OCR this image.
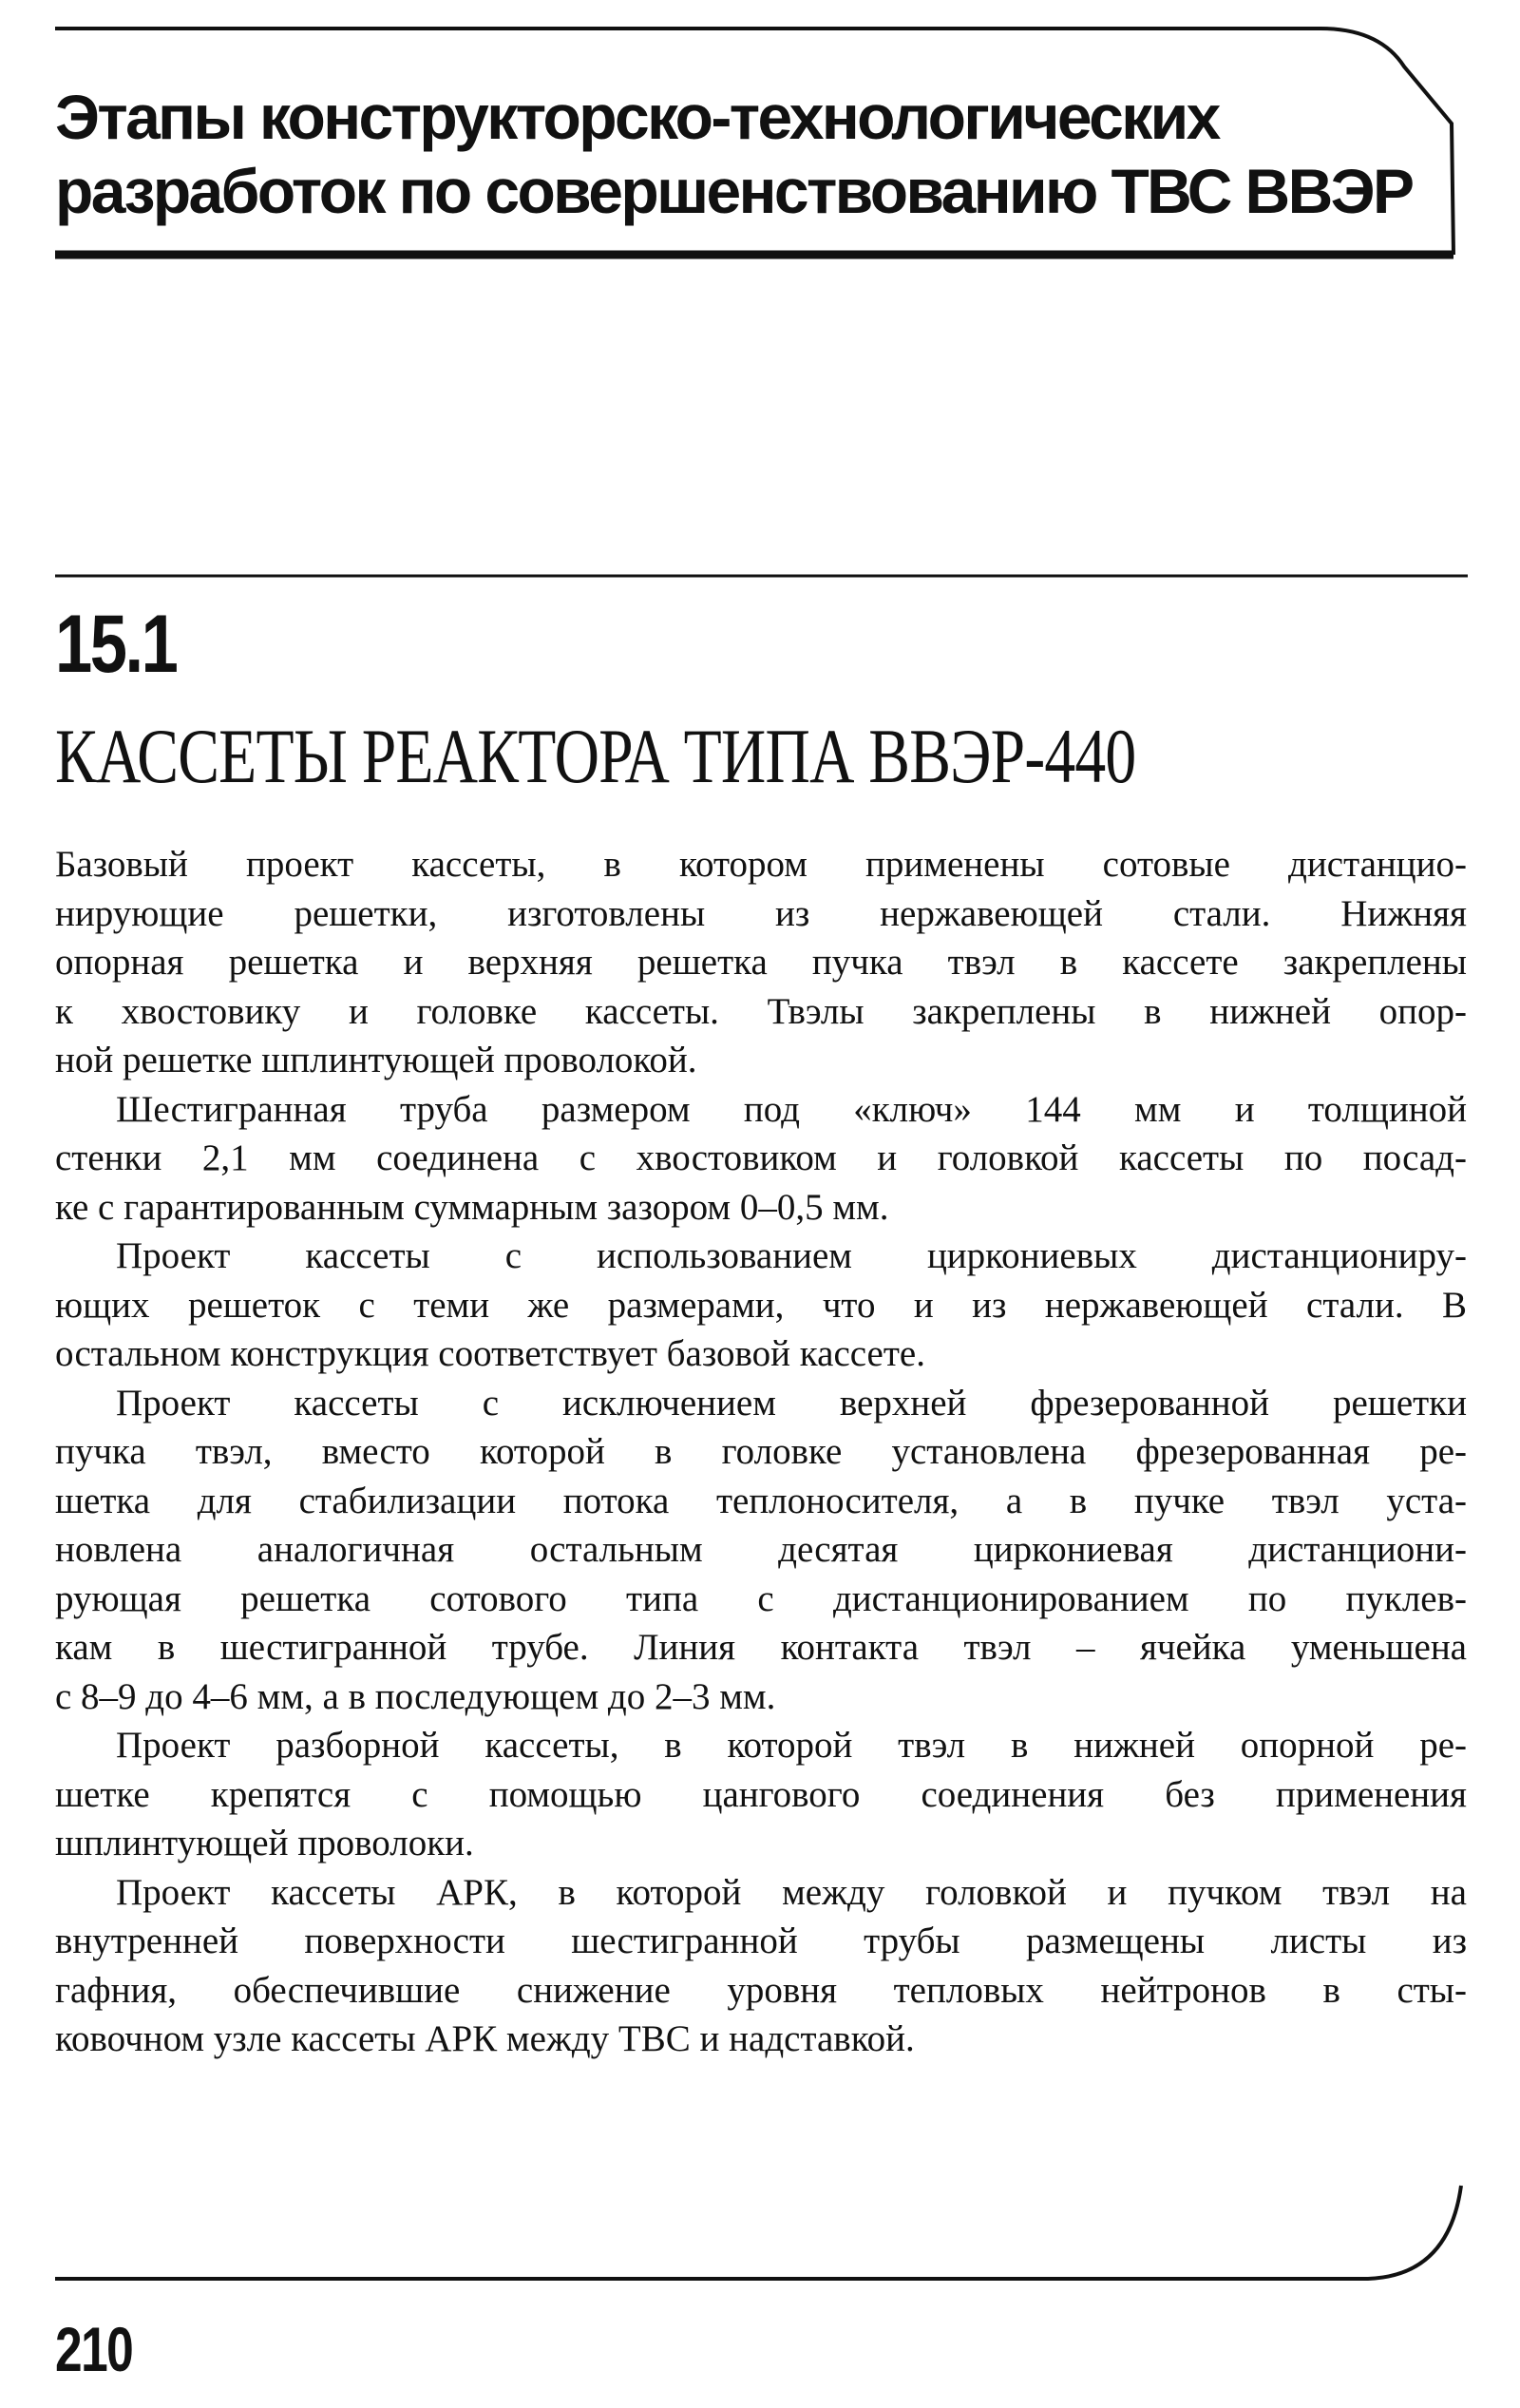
Этапы конструкторско-технологических
разработок по совершенствованию ТВС ВВЭР
15.1
КАССЕТЫ РЕАКТОРА ТИПА ВВЭР-440
Базовый проект кассеты, в котором применены сотовые дистанцио-
нирующие решетки, изготовлены из нержавеющей стали. Нижняя
опорная решетка и верхняя решетка пучка твэл в кассете закреплены
к хвостовику и головке кассеты. Твэлы закреплены в нижней опор-
ной решетке шплинтующей проволокой.
Шестигранная труба размером под «ключ» 144 мм и толщиной
стенки 2,1 мм соединена с хвостовиком и головкой кассеты по посад-
ке с гарантированным суммарным зазором 0–0,5 мм.
Проект кассеты с использованием циркониевых дистанциониру-
ющих решеток с теми же размерами, что и из нержавеющей стали. В
остальном конструкция соответствует базовой кассете.
Проект кассеты с исключением верхней фрезерованной решетки
пучка твэл, вместо которой в головке установлена фрезерованная ре-
шетка для стабилизации потока теплоносителя, а в пучке твэл уста-
новлена аналогичная остальным десятая циркониевая дистанциони-
рующая решетка сотового типа с дистанционированием по пуклев-
кам в шестигранной трубе. Линия контакта твэл – ячейка уменьшена
с 8–9 до 4–6 мм, а в последующем до 2–3 мм.
Проект разборной кассеты, в которой твэл в нижней опорной ре-
шетке крепятся с помощью цангового соединения без применения
шплинтующей проволоки.
Проект кассеты АРК, в которой между головкой и пучком твэл на
внутренней поверхности шестигранной трубы размещены листы из
гафния, обеспечившие снижение уровня тепловых нейтронов в сты-
ковочном узле кассеты АРК между ТВС и надставкой.
210
